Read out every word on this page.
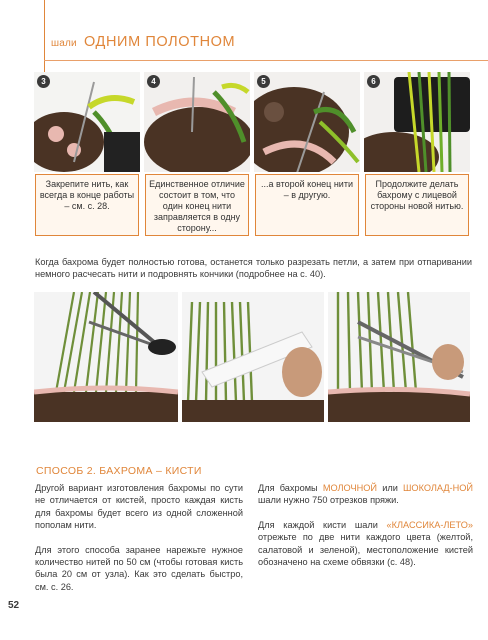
шали ОДНИМ ПОЛОТНОМ
3	4	5	6
Закрепите нить, как всегда в конце работы – см. с. 28.
Единственное отличие состоит в том, что один конец нити заправляется в одну сторону...
...а второй конец нити – в другую.
Продолжите делать бахрому с лицевой стороны новой нитью.
Когда бахрома будет полностью готова, останется только разрезать петли, а затем при отпаривании немного расчесать нити и подровнять кончики (подробнее на с. 40).
СПОСОБ 2. БАХРОМА – КИСТИ
Другой вариант изготовления бахромы по сути не отличается от кистей, просто каждая кисть для бахромы будет всего из одной сложенной пополам нити.
Для этого способа заранее нарежьте нужное количество нитей по 50 см (чтобы готовая кисть была 20 см от узла). Как это сделать быстро, см. с. 26.
Для бахромы МОЛОЧНОЙ или ШОКОЛАД-НОЙ шали нужно 750 отрезков пряжи.
Для каждой кисти шали «КЛАССИКА-ЛЕТО» отрежьте по две нити каждого цвета (желтой, салатовой и зеленой), местоположение кистей обозначено на схеме обвязки (с. 48).
52
